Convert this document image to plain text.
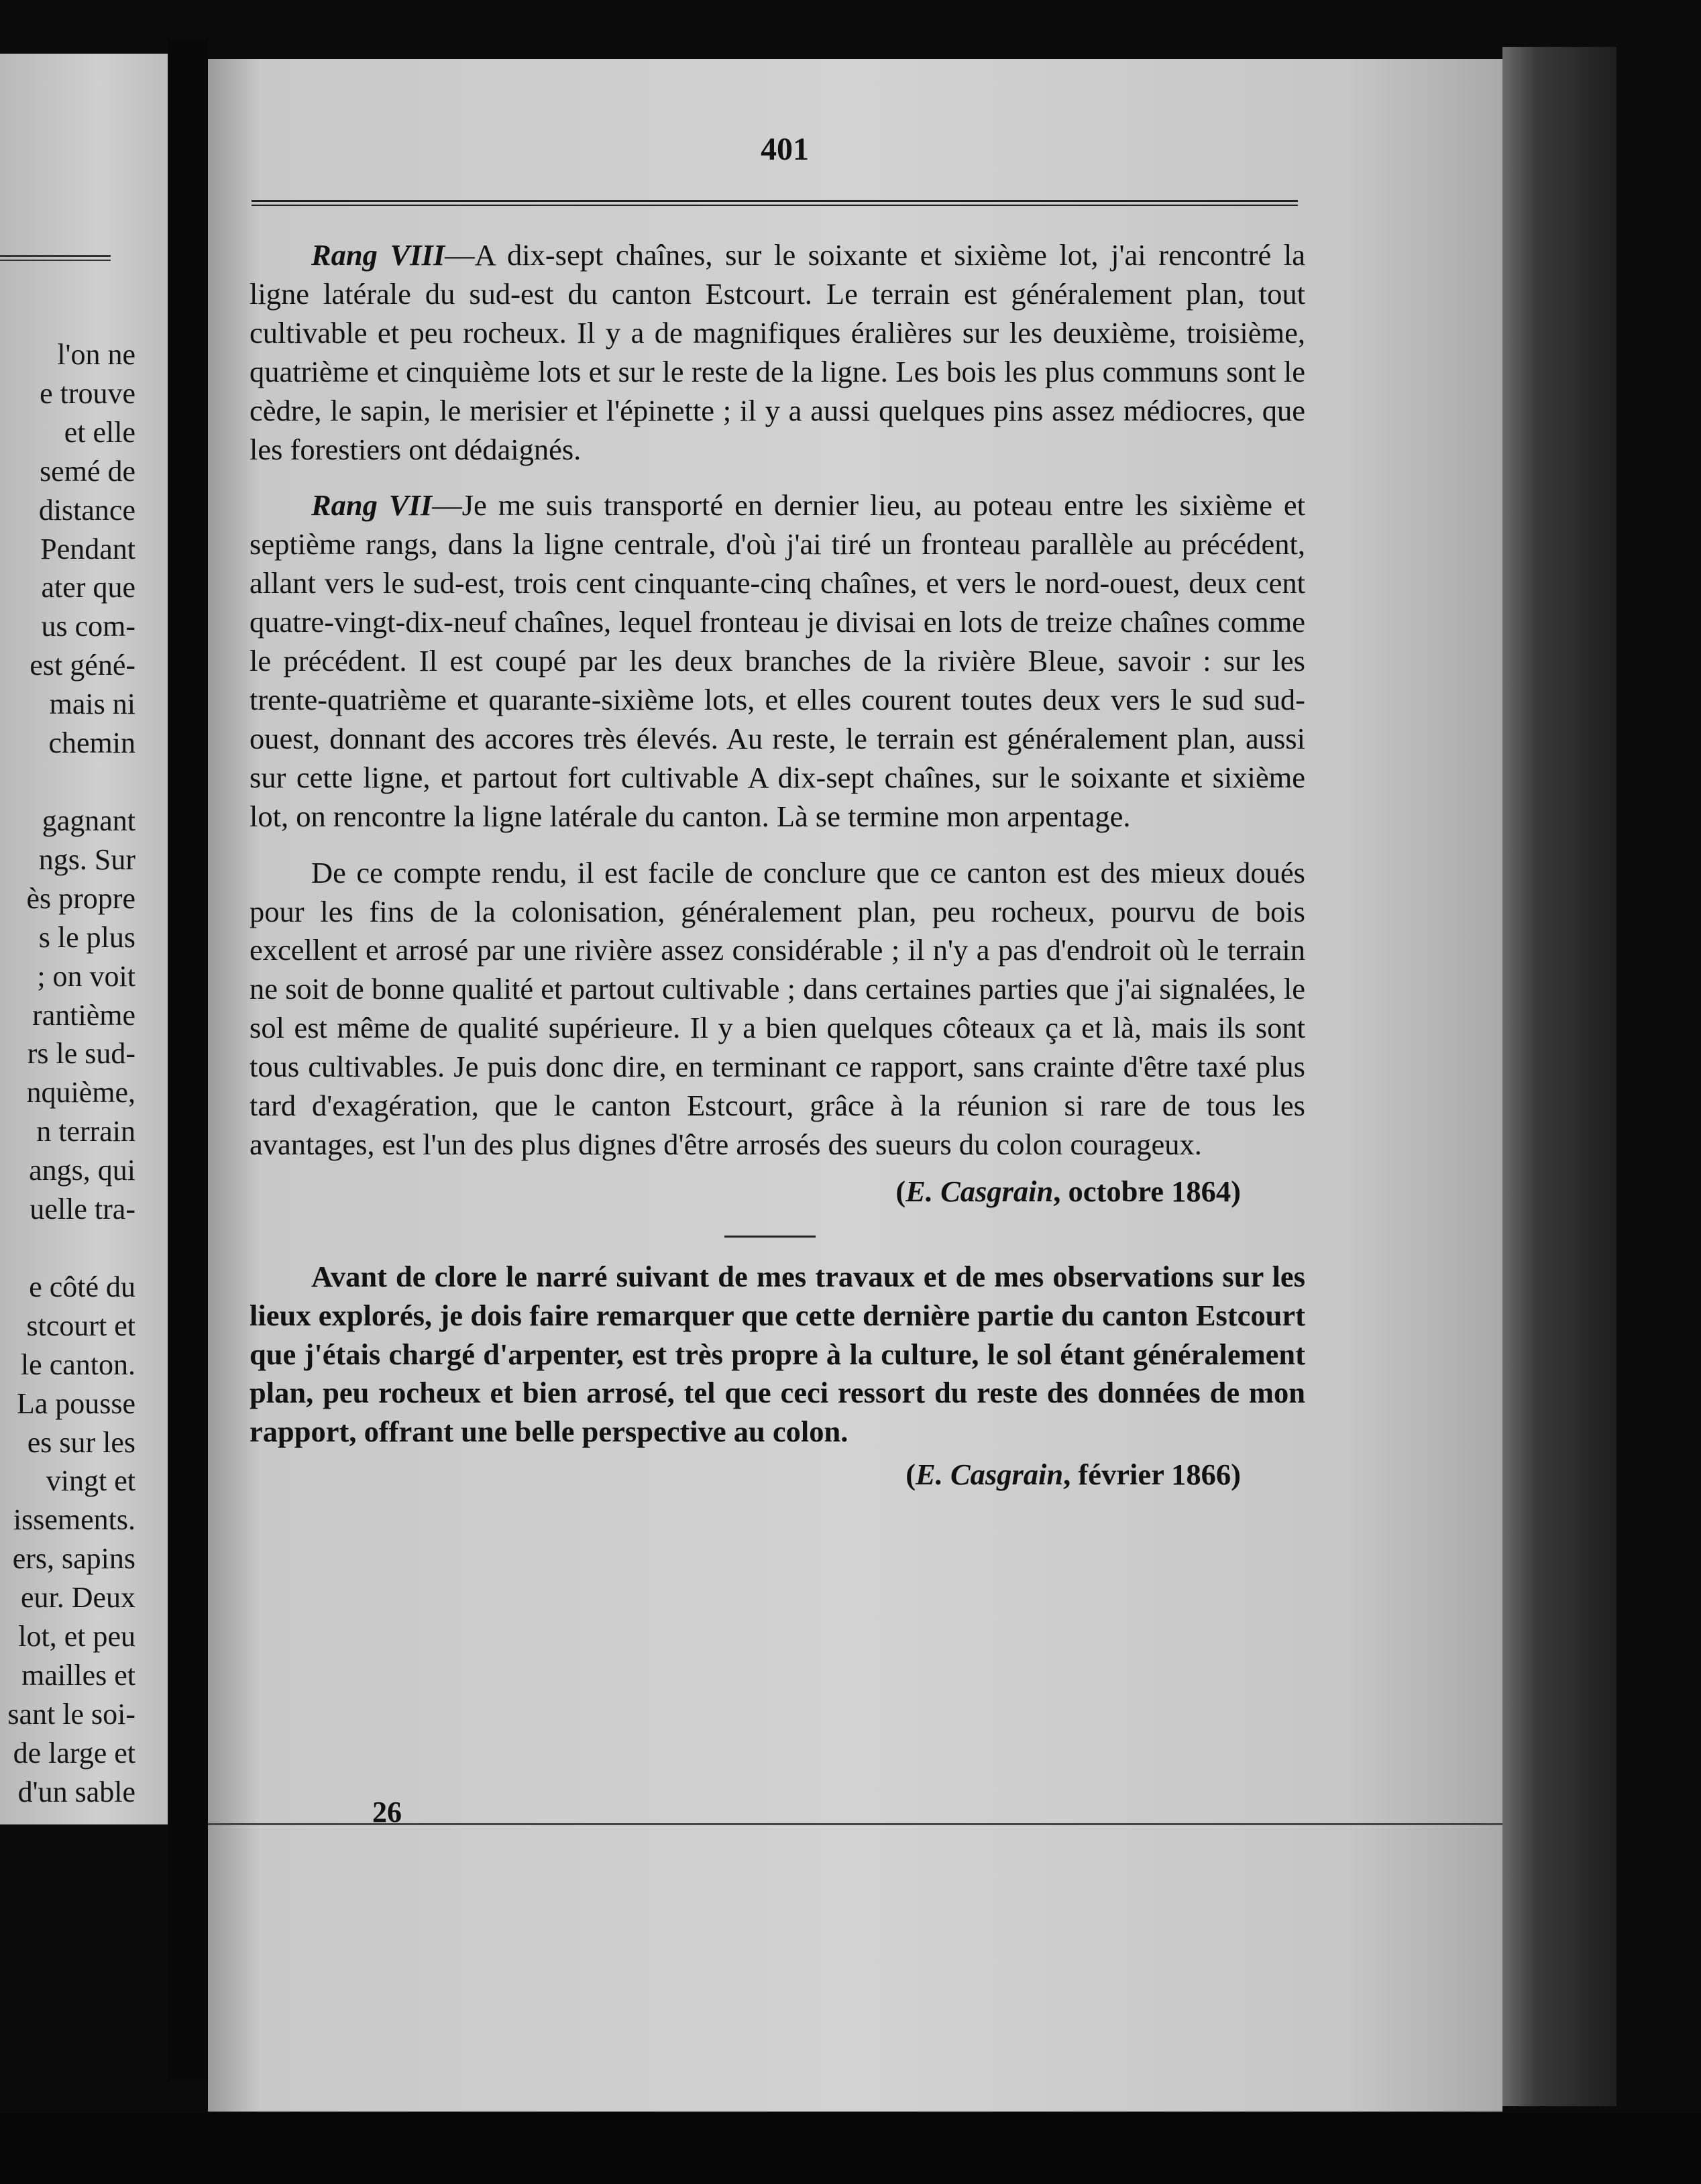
l'on ne
e trouve
et elle
semé de
distance
Pendant
ater que
us com-
est géné-
mais ni
chemin
gagnant
ngs. Sur
ès propre
s le plus
; on voit
rantième
rs le sud-
nquième,
n terrain
angs, qui
uelle tra-
e côté du
stcourt et
le canton.
La pousse
es sur les
vingt et
issements.
ers, sapins
eur. Deux
lot, et peu
mailles et
sant le soi-
de large et
d'un sable
401

Rang VIII—A dix-sept chaînes, sur le soixante et sixième lot, j'ai rencontré la ligne latérale du sud-est du canton Estcourt. Le terrain est généralement plan, tout cultivable et peu rocheux. Il y a de magnifiques éralières sur les deuxième, troisième, quatrième et cinquième lots et sur le reste de la ligne. Les bois les plus communs sont le cèdre, le sapin, le merisier et l'épinette ; il y a aussi quelques pins assez médiocres, que les forestiers ont dédaignés.

Rang VII—Je me suis transporté en dernier lieu, au poteau entre les sixième et septième rangs, dans la ligne centrale, d'où j'ai tiré un fronteau parallèle au précédent, allant vers le sud-est, trois cent cinquante-cinq chaînes, et vers le nord-ouest, deux cent quatre-vingt-dix-neuf chaînes, lequel fronteau je divisai en lots de treize chaînes comme le précédent. Il est coupé par les deux branches de la rivière Bleue, savoir : sur les trente-quatrième et quarante-sixième lots, et elles courent toutes deux vers le sud sud-ouest, donnant des accores très élevés. Au reste, le terrain est généralement plan, aussi sur cette ligne, et partout fort cultivable A dix-sept chaînes, sur le soixante et sixième lot, on rencontre la ligne latérale du canton. Là se termine mon arpentage.

De ce compte rendu, il est facile de conclure que ce canton est des mieux doués pour les fins de la colonisation, généralement plan, peu rocheux, pourvu de bois excellent et arrosé par une rivière assez considérable ; il n'y a pas d'endroit où le terrain ne soit de bonne qualité et partout cultivable ; dans certaines parties que j'ai signalées, le sol est même de qualité supérieure. Il y a bien quelques côteaux ça et là, mais ils sont tous cultivables. Je puis donc dire, en terminant ce rapport, sans crainte d'être taxé plus tard d'exagération, que le canton Estcourt, grâce à la réunion si rare de tous les avantages, est l'un des plus dignes d'être arrosés des sueurs du colon courageux.

(E. Casgrain, octobre 1864)

Avant de clore le narré suivant de mes travaux et de mes observations sur les lieux explorés, je dois faire remarquer que cette dernière partie du canton Estcourt que j'étais chargé d'arpenter, est très propre à la culture, le sol étant généralement plan, peu rocheux et bien arrosé, tel que ceci ressort du reste des données de mon rapport, offrant une belle perspective au colon.

(E. Casgrain, février 1866)
26
